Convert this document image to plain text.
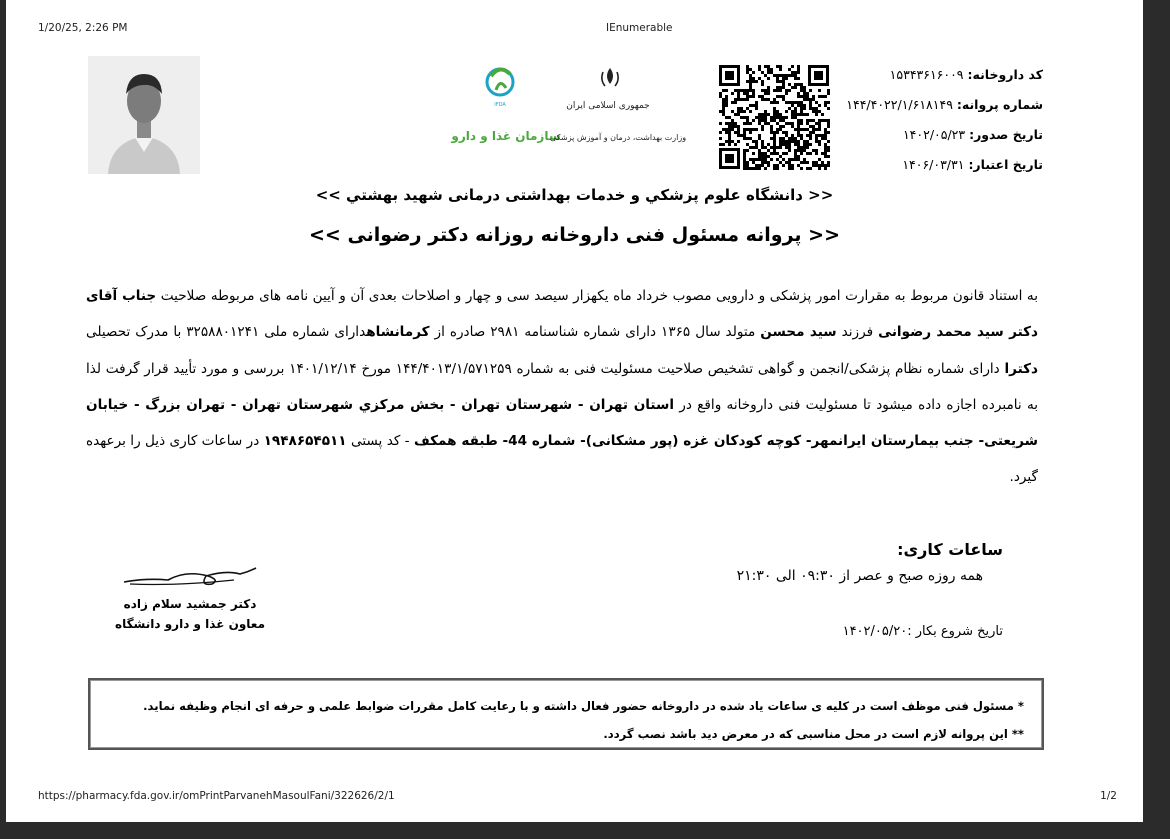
1/20/25, 2:26 PM	IEnumerable
IFDA
سازمان غذا و دارو
جمهوری اسلامی ایران
وزارت بهداشت، درمان و آموزش پزشکی
کد داروخانه: ۱۵۳۴۳۶۱۶۰۰۹
شماره پروانه: ۱۴۴/۴۰۲۲/۱/۶۱۸۱۴۹
تاریخ صدور: ۱۴۰۲/۰۵/۲۳
تاریخ اعتبار: ۱۴۰۶/۰۳/۳۱
<< دانشگاه علوم پزشکي و خدمات بهداشتی درمانی شهيد بهشتي >>
<< پروانه مسئول فنی داروخانه روزانه دکتر رضوانی >>
به استناد قانون مربوط به مقرارت امور پزشکی و دارویی مصوب خرداد ماه یکهزار سیصد سی و چهار و اصلاحات بعدی آن و آیین نامه های مربوطه صلاحیت جناب آقای دکتر سید محمد رضوانی فرزند سید محسن متولد سال ۱۳۶۵ دارای شماره شناسنامه ۲۹۸۱ صادره از کرمانشاهدارای شماره ملی ۳۲۵۸۸۰۱۲۴۱ با مدرک تحصیلی دکترا دارای شماره نظام پزشکی/انجمن و گواهی تشخیص صلاحیت مسئولیت فنی به شماره ۱۴۴/۴۰۱۳/۱/۵۷۱۲۵۹ مورخ ۱۴۰۱/۱۲/۱۴ بررسی و مورد تأیید قرار گرفت لذا به نامبرده اجازه داده میشود تا مسئولیت فنی داروخانه واقع در استان تهران - شهرستان تهران - بخش مرکزي شهرستان تهران - تهران بزرگ - خیابان شریعتی- جنب بیمارستان ایرانمهر- کوچه کودکان غزه (پور مشکانی)- شماره 44- طبقه همکف - کد پستی ۱۹۴۸۶۵۴۵۱۱ در ساعات کاری ذیل را برعهده گیرد.
ساعات کاری:
همه روزه صبح و عصر از ۰۹:۳۰ الی ۲۱:۳۰
تاریخ شروع بکار :۱۴۰۲/۰۵/۲۰
دکتر جمشید سلام زاده
معاون غذا و دارو دانشگاه
* مسئول فنی موظف است در کلیه ی ساعات یاد شده در داروخانه حضور فعال داشته و با رعایت کامل مقررات ضوابط علمی و حرفه ای انجام وظیفه نماید.
** این پروانه لازم است در محل مناسبی که در معرض دید باشد نصب گردد.
https://pharmacy.fda.gov.ir/omPrintParvanehMasoulFani/322626/2/1	1/2
